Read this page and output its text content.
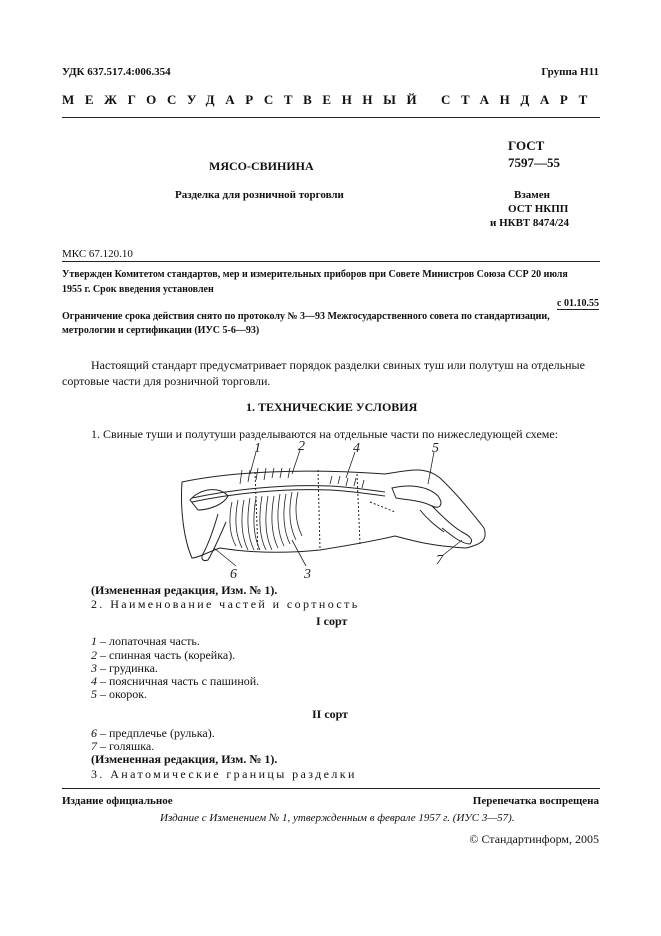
УДК 637.517.4:006.354	Группа Н11
МЕЖГОСУДАРСТВЕННЫЙ СТАНДАРТ
МЯСО-СВИНИНА
Разделка для розничной торговли
ГОСТ
7597—55
Взамен
ОСТ НКПП
и НКВТ 8474/24
МКС 67.120.10
Утвержден Комитетом стандартов, мер и измерительных приборов при Совете Министров Союза ССР 20 июля
1955 г. Срок введения установлен
с 01.10.55
Ограничение срока действия снято по протоколу № 3—93 Межгосударственного совета по стандартизации,
метрологии и сертификации (ИУС 5-6—93)
Настоящий стандарт предусматривает порядок разделки свиных туш или полутуш на отдельные
сортовые части для розничной торговли.
1. ТЕХНИЧЕСКИЕ УСЛОВИЯ
1. Свиные туши и полутуши разделываются на отдельные части по нижеследующей схеме:
1	2
3
4	5
6
7
(Измененная редакция, Изм. № 1).
2. Наименование частей и сортность
I сорт
1 – лопаточная часть.
2 – спинная часть (корейка).
3 – грудинка.
4 – поясничная часть с пашиной.
5 – окорок.
II сорт
6 – предплечье (рулька).
7 – голяшка.
(Измененная редакция, Изм. № 1).
3. Анатомические границы разделки
Издание официальное	Перепечатка воспрещена
Издание с Изменением № 1, утвержденным в феврале 1957 г. (ИУС 3—57).
© Стандартинформ, 2005
